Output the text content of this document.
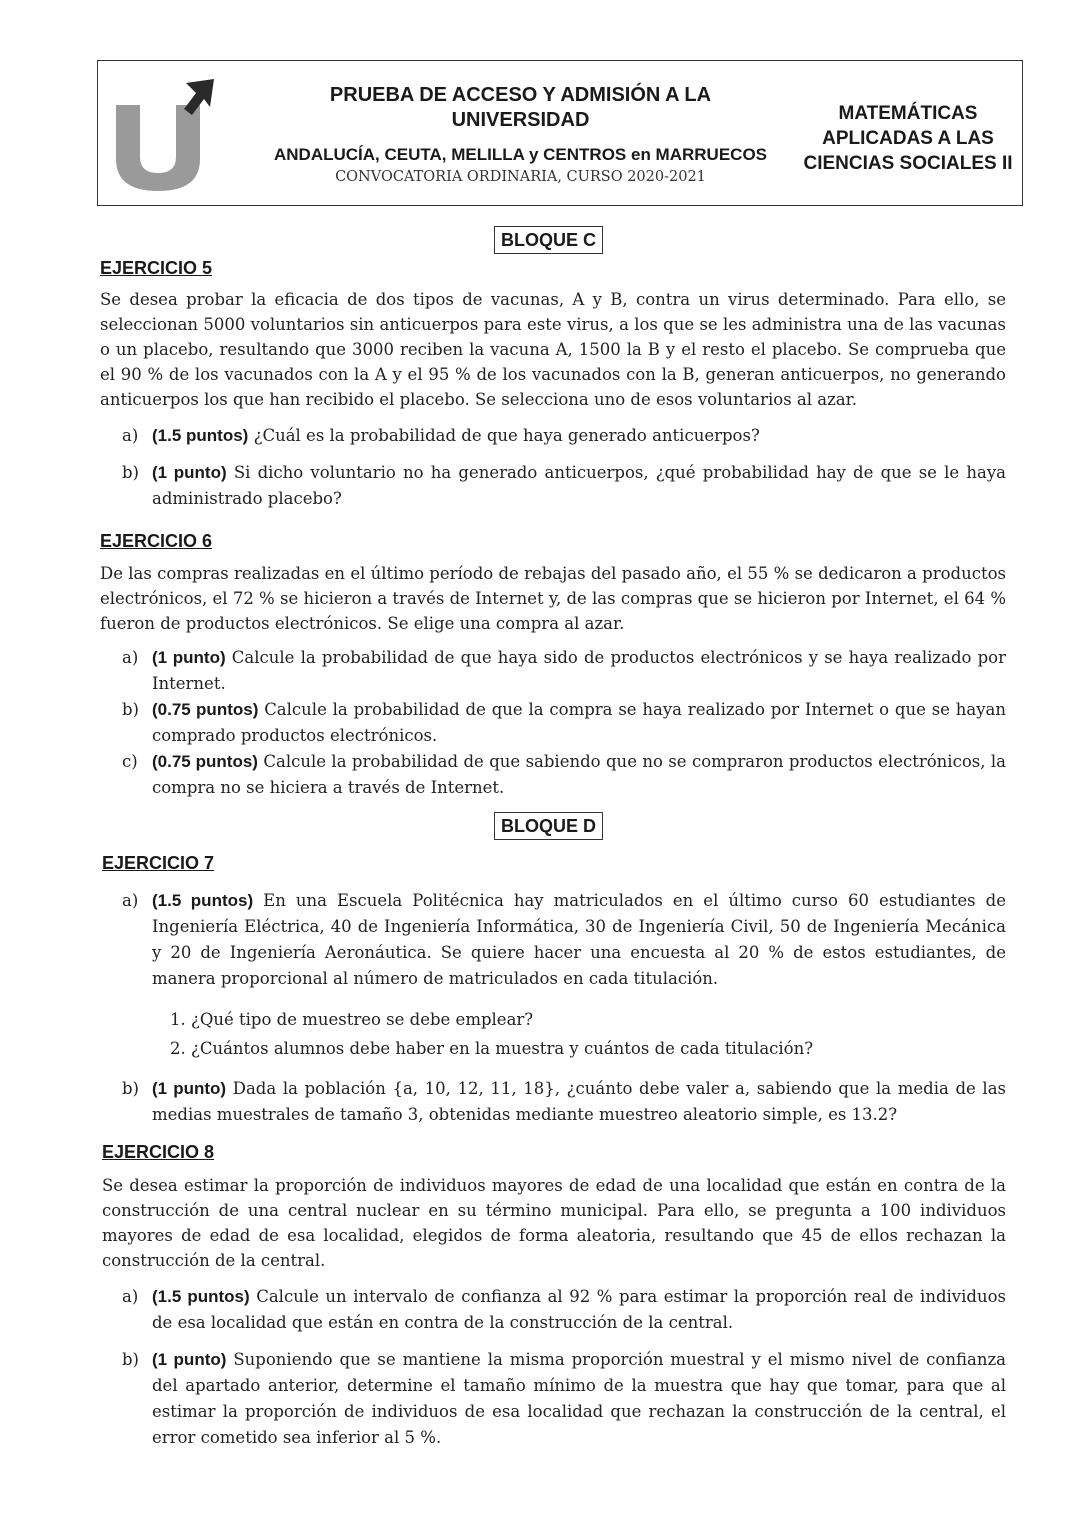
PRUEBA DE ACCESO Y ADMISIÓN A LA
UNIVERSIDAD
ANDALUCÍA, CEUTA, MELILLA y CENTROS en MARRUECOS
CONVOCATORIA ORDINARIA, CURSO 2020-2021
MATEMÁTICAS
APLICADAS A LAS
CIENCIAS SOCIALES II
BLOQUE C
EJERCICIO 5
Se desea probar la eficacia de dos tipos de vacunas, A y B, contra un virus determinado. Para ello, se seleccionan 5000 voluntarios sin anticuerpos para este virus, a los que se les administra una de las vacunas o un placebo, resultando que 3000 reciben la vacuna A, 1500 la B y el resto el placebo. Se comprueba que el 90 % de los vacunados con la A y el 95 % de los vacunados con la B, generan anticuerpos, no generando anticuerpos los que han recibido el placebo. Se selecciona uno de esos voluntarios al azar.
a) (1.5 puntos) ¿Cuál es la probabilidad de que haya generado anticuerpos?
b) (1 punto) Si dicho voluntario no ha generado anticuerpos, ¿qué probabilidad hay de que se le haya administrado placebo?
EJERCICIO 6
De las compras realizadas en el último período de rebajas del pasado año, el 55 % se dedicaron a productos electrónicos, el 72 % se hicieron a través de Internet y, de las compras que se hicieron por Internet, el 64 % fueron de productos electrónicos. Se elige una compra al azar.
a) (1 punto) Calcule la probabilidad de que haya sido de productos electrónicos y se haya realizado por Internet.
b) (0.75 puntos) Calcule la probabilidad de que la compra se haya realizado por Internet o que se hayan comprado productos electrónicos.
c) (0.75 puntos) Calcule la probabilidad de que sabiendo que no se compraron productos electrónicos, la compra no se hiciera a través de Internet.
BLOQUE D
EJERCICIO 7
a) (1.5 puntos) En una Escuela Politécnica hay matriculados en el último curso 60 estudiantes de Ingeniería Eléctrica, 40 de Ingeniería Informática, 30 de Ingeniería Civil, 50 de Ingeniería Mecánica y 20 de Ingeniería Aeronáutica. Se quiere hacer una encuesta al 20 % de estos estudiantes, de manera proporcional al número de matriculados en cada titulación.
1. ¿Qué tipo de muestreo se debe emplear?
2. ¿Cuántos alumnos debe haber en la muestra y cuántos de cada titulación?
b) (1 punto) Dada la población {a, 10, 12, 11, 18}, ¿cuánto debe valer a, sabiendo que la media de las medias muestrales de tamaño 3, obtenidas mediante muestreo aleatorio simple, es 13.2?
EJERCICIO 8
Se desea estimar la proporción de individuos mayores de edad de una localidad que están en contra de la construcción de una central nuclear en su término municipal. Para ello, se pregunta a 100 individuos mayores de edad de esa localidad, elegidos de forma aleatoria, resultando que 45 de ellos rechazan la construcción de la central.
a) (1.5 puntos) Calcule un intervalo de confianza al 92 % para estimar la proporción real de individuos de esa localidad que están en contra de la construcción de la central.
b) (1 punto) Suponiendo que se mantiene la misma proporción muestral y el mismo nivel de confianza del apartado anterior, determine el tamaño mínimo de la muestra que hay que tomar, para que al estimar la proporción de individuos de esa localidad que rechazan la construcción de la central, el error cometido sea inferior al 5 %.
